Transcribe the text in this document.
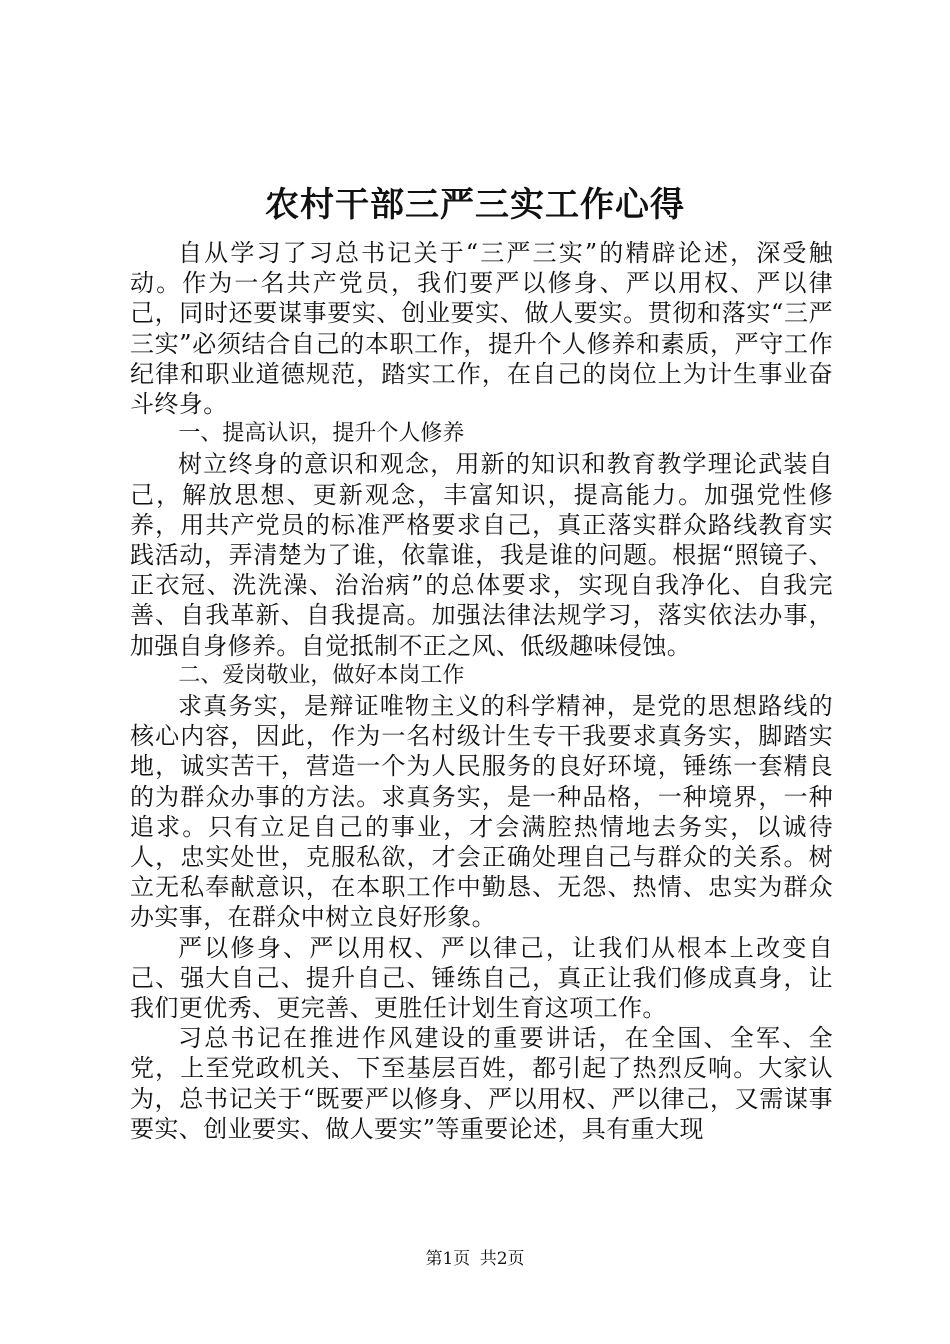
农村干部三严三实工作心得

自从学习了习总书记关于“三严三实”的精辟论述，深受触动。作为一名共产党员，我们要严以修身、严以用权、严以律己，同时还要谋事要实、创业要实、做人要实。贯彻和落实“三严三实”必须结合自己的本职工作，提升个人修养和素质，严守工作纪律和职业道德规范，踏实工作，在自己的岗位上为计生事业奋斗终身。

一、提高认识，提升个人修养

树立终身的意识和观念，用新的知识和教育教学理论武装自己，解放思想、更新观念，丰富知识，提高能力。加强党性修养，用共产党员的标准严格要求自己，真正落实群众路线教育实践活动，弄清楚为了谁，依靠谁，我是谁的问题。根据“照镜子、正衣冠、洗洗澡、治治病”的总体要求，实现自我净化、自我完善、自我革新、自我提高。加强法律法规学习，落实依法办事，加强自身修养。自觉抵制不正之风、低级趣味侵蚀。

二、爱岗敬业，做好本岗工作

求真务实，是辩证唯物主义的科学精神，是党的思想路线的核心内容，因此，作为一名村级计生专干我要求真务实，脚踏实地，诚实苦干，营造一个为人民服务的良好环境，锤练一套精良的为群众办事的方法。求真务实，是一种品格，一种境界，一种追求。只有立足自己的事业，才会满腔热情地去务实，以诚待人，忠实处世，克服私欲，才会正确处理自己与群众的关系。树立无私奉献意识，在本职工作中勤恳、无怨、热情、忠实为群众办实事，在群众中树立良好形象。

严以修身、严以用权、严以律己，让我们从根本上改变自己、强大自己、提升自己、锤练自己，真正让我们修成真身，让我们更优秀、更完善、更胜任计划生育这项工作。

习总书记在推进作风建设的重要讲话，在全国、全军、全党，上至党政机关、下至基层百姓，都引起了热烈反响。大家认为，总书记关于“既要严以修身、严以用权、严以律己，又需谋事要实、创业要实、做人要实”等重要论述，具有重大现

第1页 共2页
